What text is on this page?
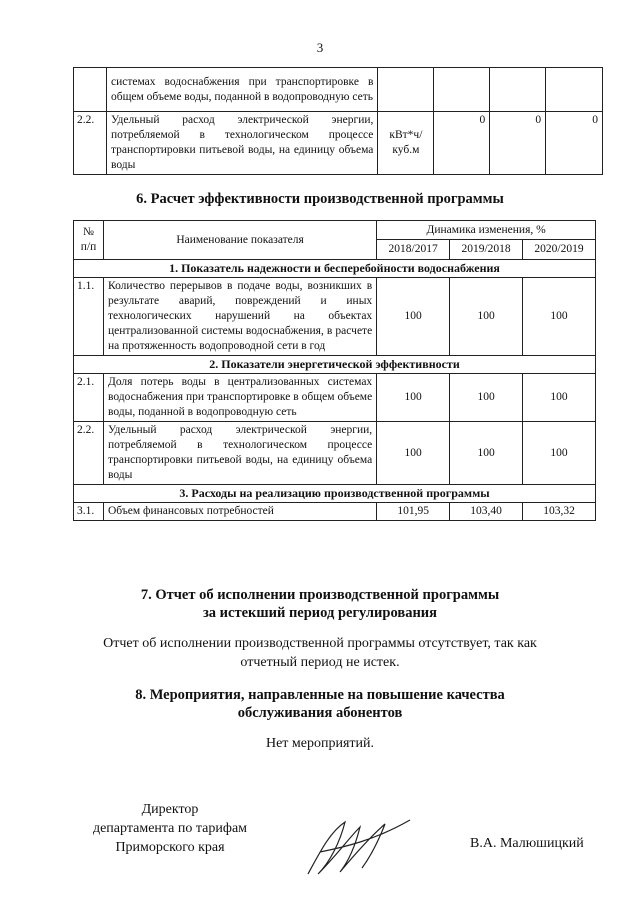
3
	системах водоснабжения при транспортировке в общем объеме воды, поданной в водопроводную сеть				
2.2.	Удельный расход электрической энергии, потребляемой в технологическом процессе транспортировки питьевой воды, на единицу объема воды	кВт*ч/куб.м	0	0	0
6. Расчет эффективности производственной программы
№ п/п	Наименование показателя	Динамика изменения, %		
		2018/2017	2019/2018	2020/2019
1. Показатель надежности и бесперебойности водоснабжения				
1.1.	Количество перерывов в подаче воды, возникших в результате аварий, повреждений и иных технологических нарушений на объектах централизованной системы водоснабжения, в расчете на протяженность водопроводной сети в год	100	100	100
2. Показатели энергетической эффективности				
2.1.	Доля потерь воды в централизованных системах водоснабжения при транспортировке в общем объеме воды, поданной в водопроводную сеть	100	100	100
2.2.	Удельный расход электрической энергии, потребляемой в технологическом процессе транспортировки питьевой воды, на единицу объема воды	100	100	100
3. Расходы на реализацию производственной программы				
3.1.	Объем финансовых потребностей	101,95	103,40	103,32
7. Отчет об исполнении производственной программы
за истекший период регулирования
Отчет об исполнении производственной программы отсутствует, так как
отчетный период не истек.
8. Мероприятия, направленные на повышение качества
обслуживания абонентов
Нет мероприятий.
Директор
департамента по тарифам
Приморского края	В.А. Малюшицкий
